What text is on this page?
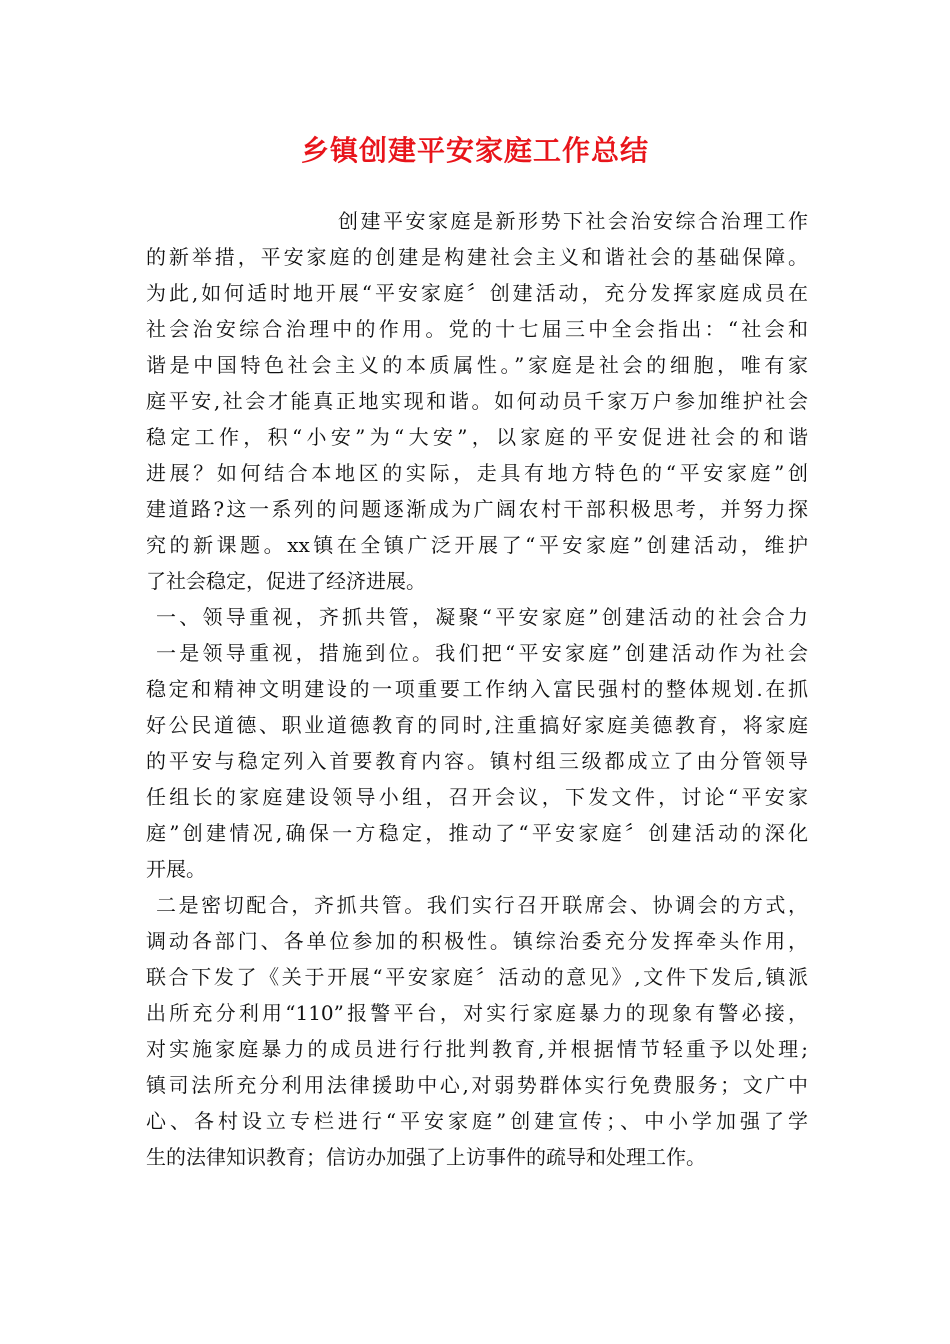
乡镇创建平安家庭工作总结
创建平安家庭是新形势下社会治安综合治理工作
的新举措，平安家庭的创建是构建社会主义和谐社会的基础保障。
为此,如何适时地开展“平安家庭〞创建活动，充分发挥家庭成员在
社会治安综合治理中的作用。党的十七届三中全会指出：“社会和
谐是中国特色社会主义的本质属性。”家庭是社会的细胞，唯有家
庭平安,社会才能真正地实现和谐。如何动员千家万户参加维护社会
稳定工作，积“小安”为“大安”，以家庭的平安促进社会的和谐
进展？如何结合本地区的实际，走具有地方特色的“平安家庭”创
建道路?这一系列的问题逐渐成为广阔农村干部积极思考，并努力探
究的新课题。xx镇在全镇广泛开展了“平安家庭”创建活动，维护
了社会稳定，促进了经济进展。
一、领导重视，齐抓共管，凝聚“平安家庭”创建活动的社会合力
一是领导重视，措施到位。我们把“平安家庭”创建活动作为社会
稳定和精神文明建设的一项重要工作纳入富民强村的整体规划.在抓
好公民道德、职业道德教育的同时,注重搞好家庭美德教育，将家庭
的平安与稳定列入首要教育内容。镇村组三级都成立了由分管领导
任组长的家庭建设领导小组，召开会议，下发文件，讨论“平安家
庭”创建情况,确保一方稳定，推动了“平安家庭〞创建活动的深化
开展。
二是密切配合，齐抓共管。我们实行召开联席会、协调会的方式，
调动各部门、各单位参加的积极性。镇综治委充分发挥牵头作用，
联合下发了《关于开展“平安家庭〞活动的意见》,文件下发后,镇派
出所充分利用“110”报警平台，对实行家庭暴力的现象有警必接，
对实施家庭暴力的成员进行行批判教育,并根据情节轻重予以处理;
镇司法所充分利用法律援助中心,对弱势群体实行免费服务；文广中
心、各村设立专栏进行“平安家庭”创建宣传；、中小学加强了学
生的法律知识教育；信访办加强了上访事件的疏导和处理工作。
